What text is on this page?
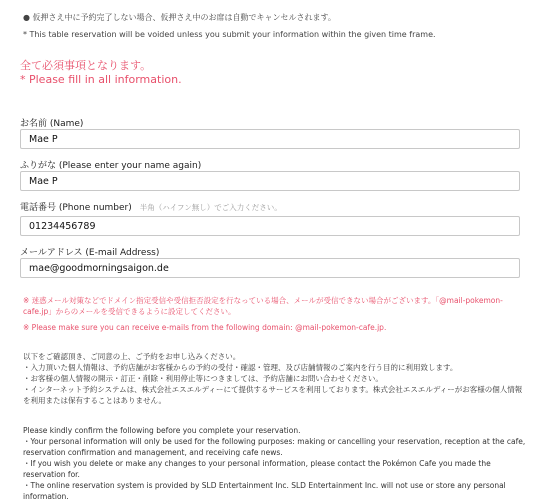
● 仮押さえ中に予約完了しない場合、仮押さえ中のお席は自動でキャンセルされます。
* This table reservation will be voided unless you submit your information within the given time frame.
全て必須事項となります。
* Please fill in all information.
お名前 (Name)
Mae P
ふりがな (Please enter your name again)
Mae P
電話番号 (Phone number) 半角（ハイフン無し）でご入力ください。
01234456789
メールアドレス (E-mail Address)
mae@goodmorningsaigon.de
※ 迷惑メール対策などでドメイン指定受信や受信拒否設定を行なっている場合、メールが受信できない場合がございます。「@mail-pokemon-cafe.jp」からのメールを受信できるように設定してください。
※ Please make sure you can receive e-mails from the following domain: @mail-pokemon-cafe.jp.
以下をご確認頂き、ご同意の上、ご予約をお申し込みください。
・入力頂いた個人情報は、予約店舗がお客様からの予約の受付・確認・管理、及び店舗情報のご案内を行う目的に利用致します。
・お客様の個人情報の開示・訂正・削除・利用停止等につきましては、予約店舗にお問い合わせください。
・インターネット予約システムは、株式会社エスエルディーにて提供するサービスを利用しております。株式会社エスエルディーがお客様の個人情報を利用または保有することはありません。
Please kindly confirm the following before you complete your reservation.
・Your personal information will only be used for the following purposes: making or cancelling your reservation, reception at the cafe, reservation confirmation and management, and receiving cafe news.
・If you wish you delete or make any changes to your personal information, please contact the Pokémon Cafe you made the reservation for.
・The online reservation system is provided by SLD Entertainment Inc. SLD Entertainment Inc. will not use or store any personal information.
